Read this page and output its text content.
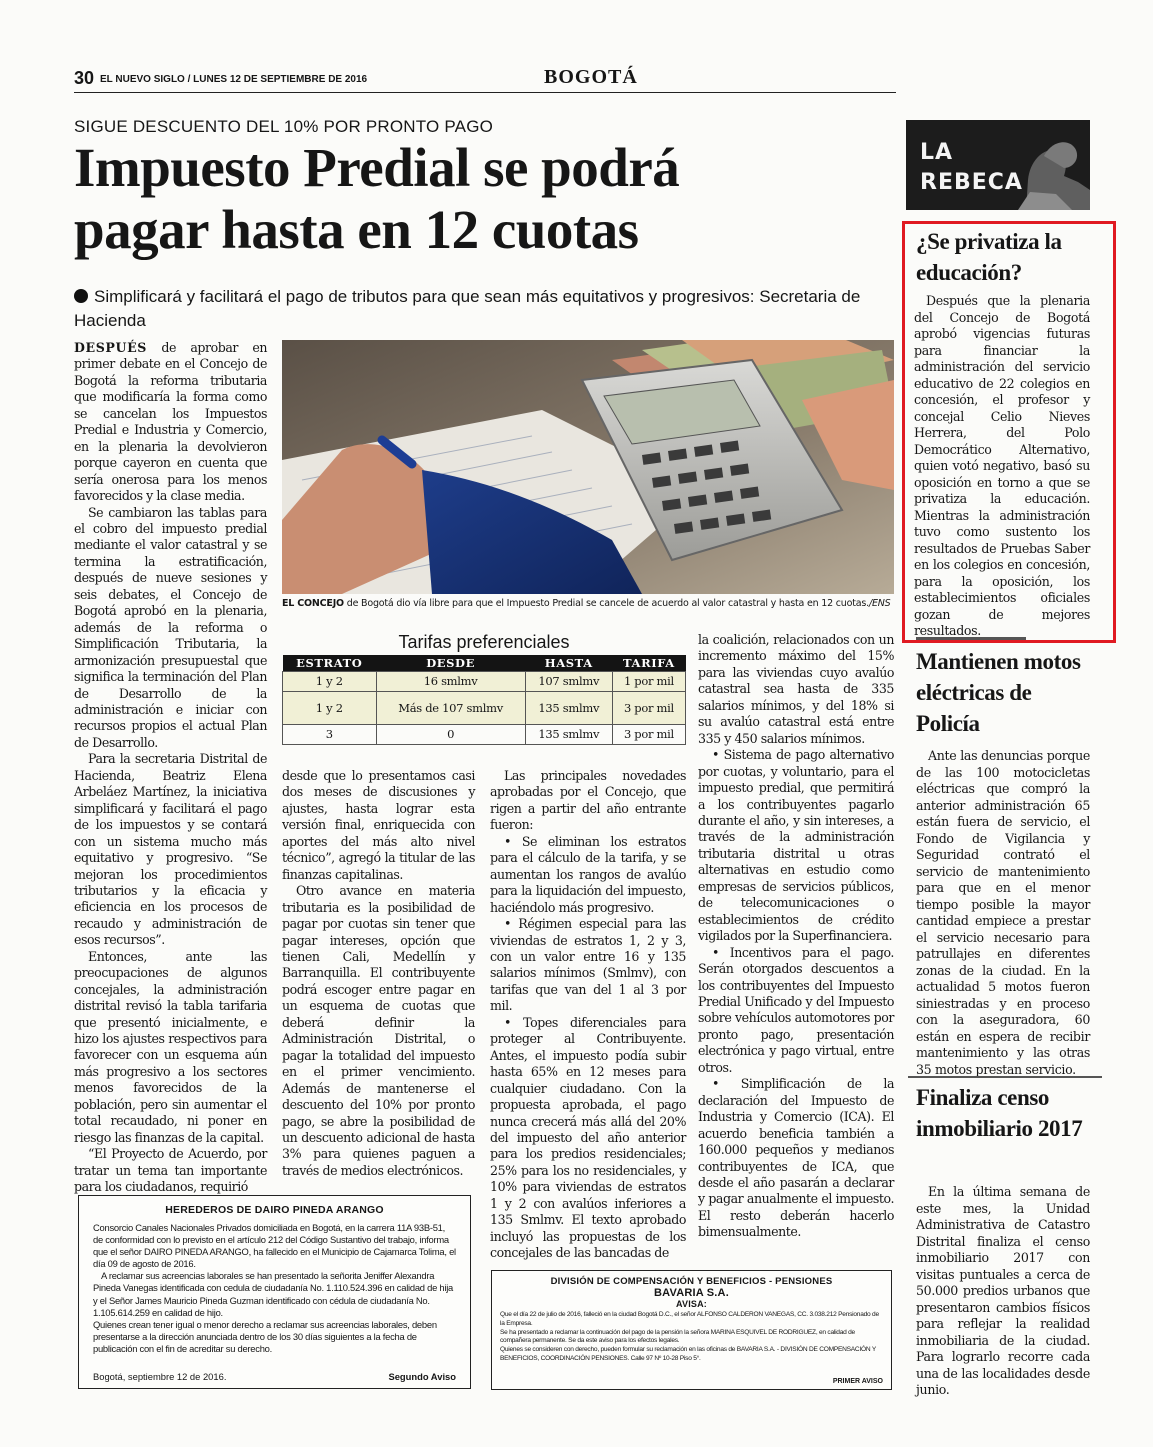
30 EL NUEVO SIGLO / LUNES 12 DE SEPTIEMBRE DE 2016	BOGOTÁ
SIGUE DESCUENTO DEL 10% POR PRONTO PAGO
Impuesto Predial se podrá
pagar hasta en 12 cuotas
Simplificará y facilitará el pago de tributos para que sean más equitativos y progresivos: Secretaria de Hacienda

DESPUÉS de aprobar en primer debate en el Concejo de Bogotá la reforma tributaria que modificaría la forma como se cancelan los Impuestos Predial e Industria y Comercio, en la plenaria la devolvieron porque cayeron en cuenta que sería onerosa para los menos favorecidos y la clase media.

Se cambiaron las tablas para el cobro del impuesto predial mediante el valor catastral y se termina la estratificación, después de nueve sesiones y seis debates, el Concejo de Bogotá aprobó en la plenaria, además de la reforma o Simplificación Tributaria, la armonización presupuestal que significa la terminación del Plan de Desarrollo de la administración e iniciar con recursos propios el actual Plan de Desarrollo.

Para la secretaria Distrital de Hacienda, Beatriz Elena Arbeláez Martínez, la iniciativa simplificará y facilitará el pago de los impuestos y se contará con un sistema mucho más equitativo y progresivo. “Se mejoran los procedimientos tributarios y la eficacia y eficiencia en los procesos de recaudo y administración de esos recursos”.

Entonces, ante las preocupaciones de algunos concejales, la administración distrital revisó la tabla tarifaria que presentó inicialmente, e hizo los ajustes respectivos para favorecer con un esquema aún más progresivo a los sectores menos favorecidos de la población, pero sin aumentar el total recaudado, ni poner en riesgo las finanzas de la capital.

“El Proyecto de Acuerdo, por tratar un tema tan importante para los ciudadanos, requirió

EL CONCEJO de Bogotá dio vía libre para que el Impuesto Predial se cancele de acuerdo al valor catastral y hasta en 12 cuotas./ENS
Tarifas preferenciales
ESTRATO	DESDE	HASTA	TARIFA
1 y 2	16 smlmv	107 smlmv	1 por mil
1 y 2	Más de 107 smlmv	135 smlmv	3 por mil
3	0	135 smlmv	3 por mil

desde que lo presentamos casi dos meses de discusiones y ajustes, hasta lograr esta versión final, enriquecida con aportes del más alto nivel técnico”, agregó la titular de las finanzas capitalinas.

Otro avance en materia tributaria es la posibilidad de pagar por cuotas sin tener que pagar intereses, opción que tienen Cali, Medellín y Barranquilla. El contribuyente podrá escoger entre pagar en un esquema de cuotas que deberá definir la Administración Distrital, o pagar la totalidad del impuesto en el primer vencimiento. Además de mantenerse el descuento del 10% por pronto pago, se abre la posibilidad de un descuento adicional de hasta 3% para quienes paguen a través de medios electrónicos.

Las principales novedades aprobadas por el Concejo, que rigen a partir del año entrante fueron:

• Se eliminan los estratos para el cálculo de la tarifa, y se aumentan los rangos de avalúo para la liquidación del impuesto, haciéndolo más progresivo.

• Régimen especial para las viviendas de estratos 1, 2 y 3, con un valor entre 16 y 135 salarios mínimos (Smlmv), con tarifas que van del 1 al 3 por mil.

• Topes diferenciales para proteger al Contribuyente. Antes, el impuesto podía subir hasta 65% en 12 meses para cualquier ciudadano. Con la propuesta aprobada, el pago nunca crecerá más allá del 20% del impuesto del año anterior para los predios residenciales; 25% para los no residenciales, y 10% para viviendas de estratos 1 y 2 con avalúos inferiores a 135 Smlmv. El texto aprobado incluyó las propuestas de los concejales de las bancadas de

la coalición, relacionados con un incremento máximo del 15% para las viviendas cuyo avalúo catastral sea hasta de 335 salarios mínimos, y del 18% si su avalúo catastral está entre 335 y 450 salarios mínimos.

• Sistema de pago alternativo por cuotas, y voluntario, para el impuesto predial, que permitirá a los contribuyentes pagarlo durante el año, y sin intereses, a través de la administración tributaria distrital u otras alternativas en estudio como empresas de servicios públicos, de telecomunicaciones o establecimientos de crédito vigilados por la Superfinanciera.

• Incentivos para el pago. Serán otorgados descuentos a los contribuyentes del Impuesto Predial Unificado y del Impuesto sobre vehículos automotores por pronto pago, presentación electrónica y pago virtual, entre otros.

• Simplificación de la declaración del Impuesto de Industria y Comercio (ICA). El acuerdo beneficia también a 160.000 pequeños y medianos contribuyentes de ICA, que desde el año pasarán a declarar y pagar anualmente el impuesto. El resto deberán hacerlo bimensualmente.

LA
REBECA
¿Se privatiza la educación?

Después que la plenaria del Concejo de Bogotá aprobó vigencias futuras para financiar la administración del servicio educativo de 22 colegios en concesión, el profesor y concejal Celio Nieves Herrera, del Polo Democrático Alternativo, quien votó negativo, basó su oposición en torno a que se privatiza la educación. Mientras la administración tuvo como sustento los resultados de Pruebas Saber en los colegios en concesión, para la oposición, los establecimientos oficiales gozan de mejores resultados.

Mantienen motos eléctricas de Policía

Ante las denuncias porque de las 100 motocicletas eléctricas que compró la anterior administración 65 están fuera de servicio, el Fondo de Vigilancia y Seguridad contrató el servicio de mantenimiento para que en el menor tiempo posible la mayor cantidad empiece a prestar el servicio necesario para patrullajes en diferentes zonas de la ciudad. En la actualidad 5 motos fueron siniestradas y en proceso con la aseguradora, 60 están en espera de recibir mantenimiento y las otras 35 motos prestan servicio.

Finaliza censo inmobiliario 2017

En la última semana de este mes, la Unidad Administrativa de Catastro Distrital finaliza el censo inmobiliario 2017 con visitas puntuales a cerca de 50.000 predios urbanos que presentaron cambios físicos para reflejar la realidad inmobiliaria de la ciudad. Para lograrlo recorre cada una de las localidades desde junio.

HEREDEROS DE DAIRO PINEDA ARANGO

Consorcio Canales Nacionales Privados domiciliada en Bogotá, en la carrera 11A 93B-51, de conformidad con lo previsto en el artículo 212 del Código Sustantivo del trabajo, informa que el señor DAIRO PINEDA ARANGO, ha fallecido en el Municipio de Cajamarca Tolima, el día 09 de agosto de 2016.

A reclamar sus acreencias laborales se han presentado la señorita Jeniffer Alexandra Pineda Vanegas identificada con cedula de ciudadanía No. 1.110.524.396 en calidad de hija y el Señor James Mauricio Pineda Guzman identificado con cédula de ciudadanía No. 1.105.614.259 en calidad de hijo.

Quienes crean tener igual o menor derecho a reclamar sus acreencias laborales, deben presentarse a la dirección anunciada dentro de los 30 días siguientes a la fecha de publicación con el fin de acreditar su derecho.

Bogotá, septiembre 12 de 2016.	Segundo Aviso
DIVISIÓN DE COMPENSACIÓN Y BENEFICIOS - PENSIONES
BAVARIA S.A.
AVISA:

Que el día 22 de julio de 2016, falleció en la ciudad Bogotá D.C., el señor ALFONSO CALDERON VANEGAS, CC. 3.038.212 Pensionado de la Empresa.

Se ha presentado a reclamar la continuación del pago de la pensión la señora MARINA ESQUIVEL DE RODRIGUEZ, en calidad de compañera permanente. Se da este aviso para los efectos legales.

Quienes se consideren con derecho, pueden formular su reclamación en las oficinas de BAVARIA S.A. - DIVISIÓN DE COMPENSACIÓN Y BENEFICIOS, COORDINACIÓN PENSIONES. Calle 97 Nº 10-28 Piso 5°.

PRIMER AVISO
